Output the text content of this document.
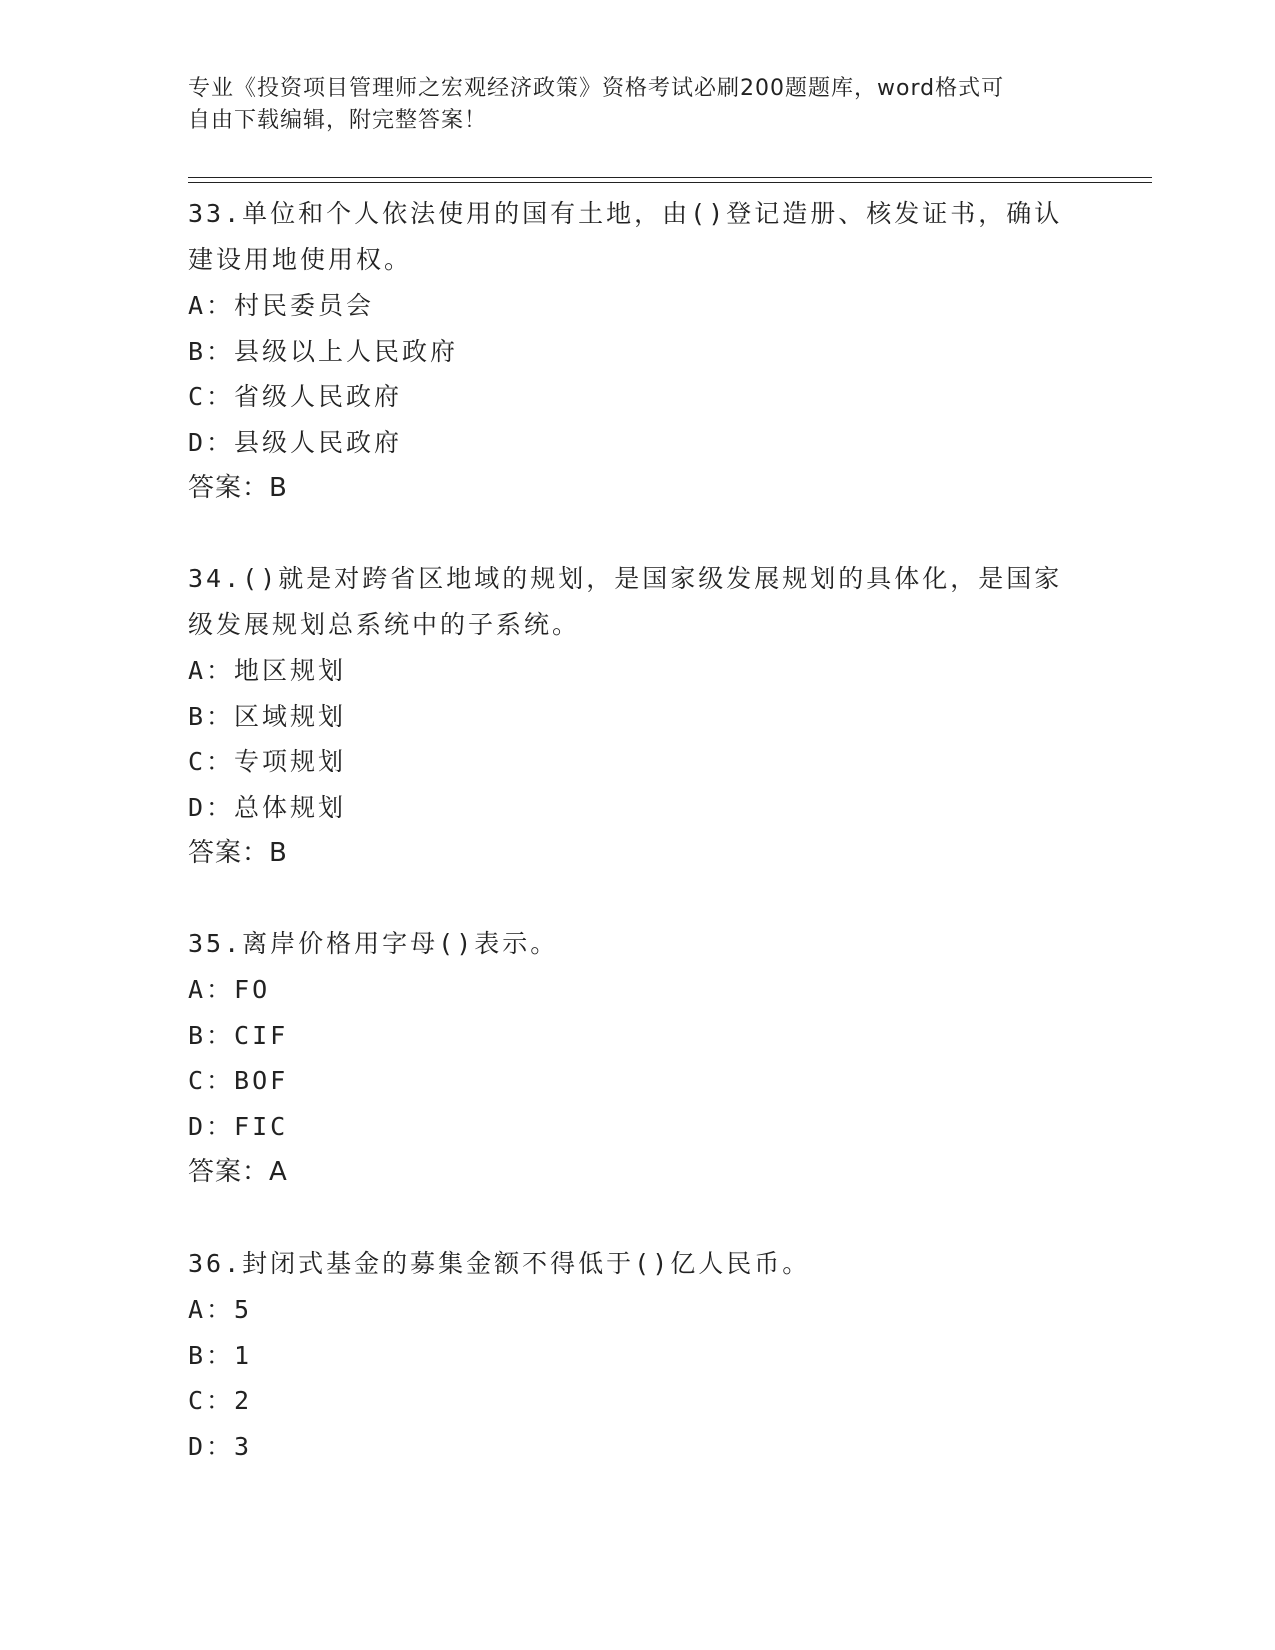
专业《投资项目管理师之宏观经济政策》资格考试必刷200题题库，word格式可
自由下载编辑，附完整答案！

33.单位和个人依法使用的国有土地，由()登记造册、核发证书，确认

建设用地使用权。

A：村民委员会

B：县级以上人民政府

C：省级人民政府

D：县级人民政府

答案：B

34.()就是对跨省区地域的规划，是国家级发展规划的具体化，是国家

级发展规划总系统中的子系统。

A：地区规划

B：区域规划

C：专项规划

D：总体规划

答案：B

35.离岸价格用字母()表示。

A：FO

B：CIF

C：BOF

D：FIC

答案：A

36.封闭式基金的募集金额不得低于()亿人民币。

A：5

B：1

C：2

D：3
